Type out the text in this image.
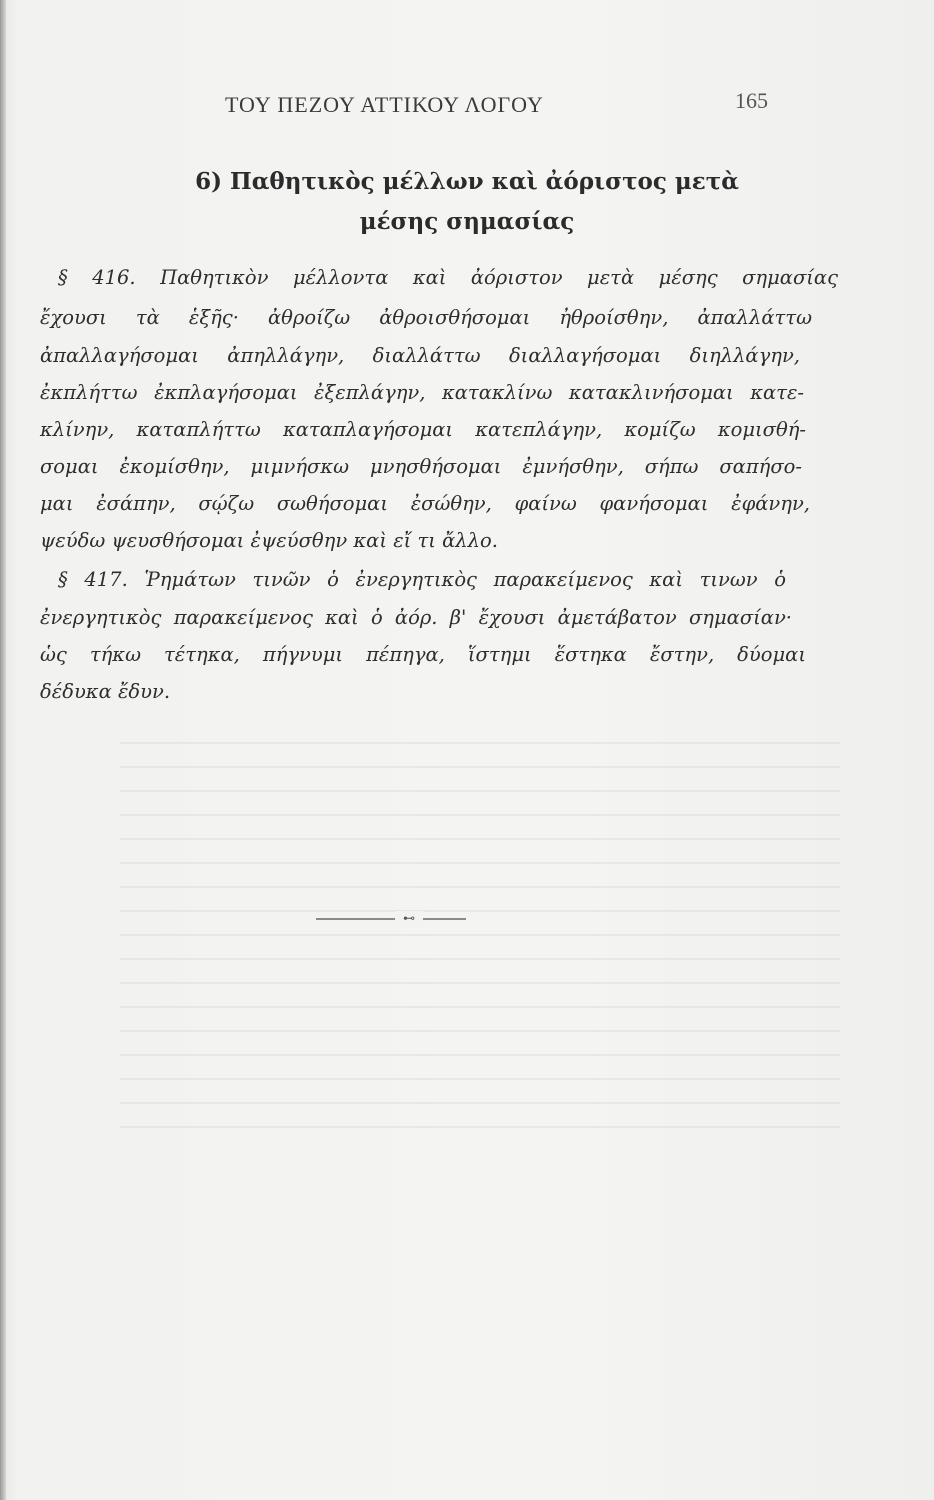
ΤΟΥ ΠΕΖΟΥ ΑΤΤΙΚΟΥ ΛΟΓΟΥ	165
6) Παθητικὸς μέλλων καὶ ἀόριστος μετὰ
μέσης σημασίας
§ 416. Παθητικὸν μέλλοντα καὶ ἀόριστον μετὰ μέσης σημασίας
ἔχουσι τὰ ἑξῆς· ἀθροίζω ἀθροισθήσομαι ἠθροίσθην, ἀπαλλάττω
ἀπαλλαγήσομαι ἀπηλλάγην, διαλλάττω διαλλαγήσομαι διηλλάγην,
ἐκπλήττω ἐκπλαγήσομαι ἐξεπλάγην, κατακλίνω κατακλινήσομαι κατε-
κλίνην, καταπλήττω καταπλαγήσομαι κατεπλάγην, κομίζω κομισθή-
σομαι ἐκομίσθην, μιμνήσκω μνησθήσομαι ἐμνήσθην, σήπω σαπήσο-
μαι ἐσάπην, σῴζω σωθήσομαι ἐσώθην, φαίνω φανήσομαι ἐφάνην,
ψεύδω ψευσθήσομαι ἐψεύσθην καὶ εἴ τι ἄλλο.
§ 417. Ῥημάτων τινῶν ὁ ἐνεργητικὸς παρακείμενος καὶ τινων ὁ
ἐνεργητικὸς παρακείμενος καὶ ὁ ἀόρ. β' ἔχουσι ἀμετάβατον σημασίαν·
ὡς τήκω τέτηκα, πήγνυμι πέπηγα, ἵστημι ἕστηκα ἔστην, δύομαι
δέδυκα ἔδυν.
⊷
